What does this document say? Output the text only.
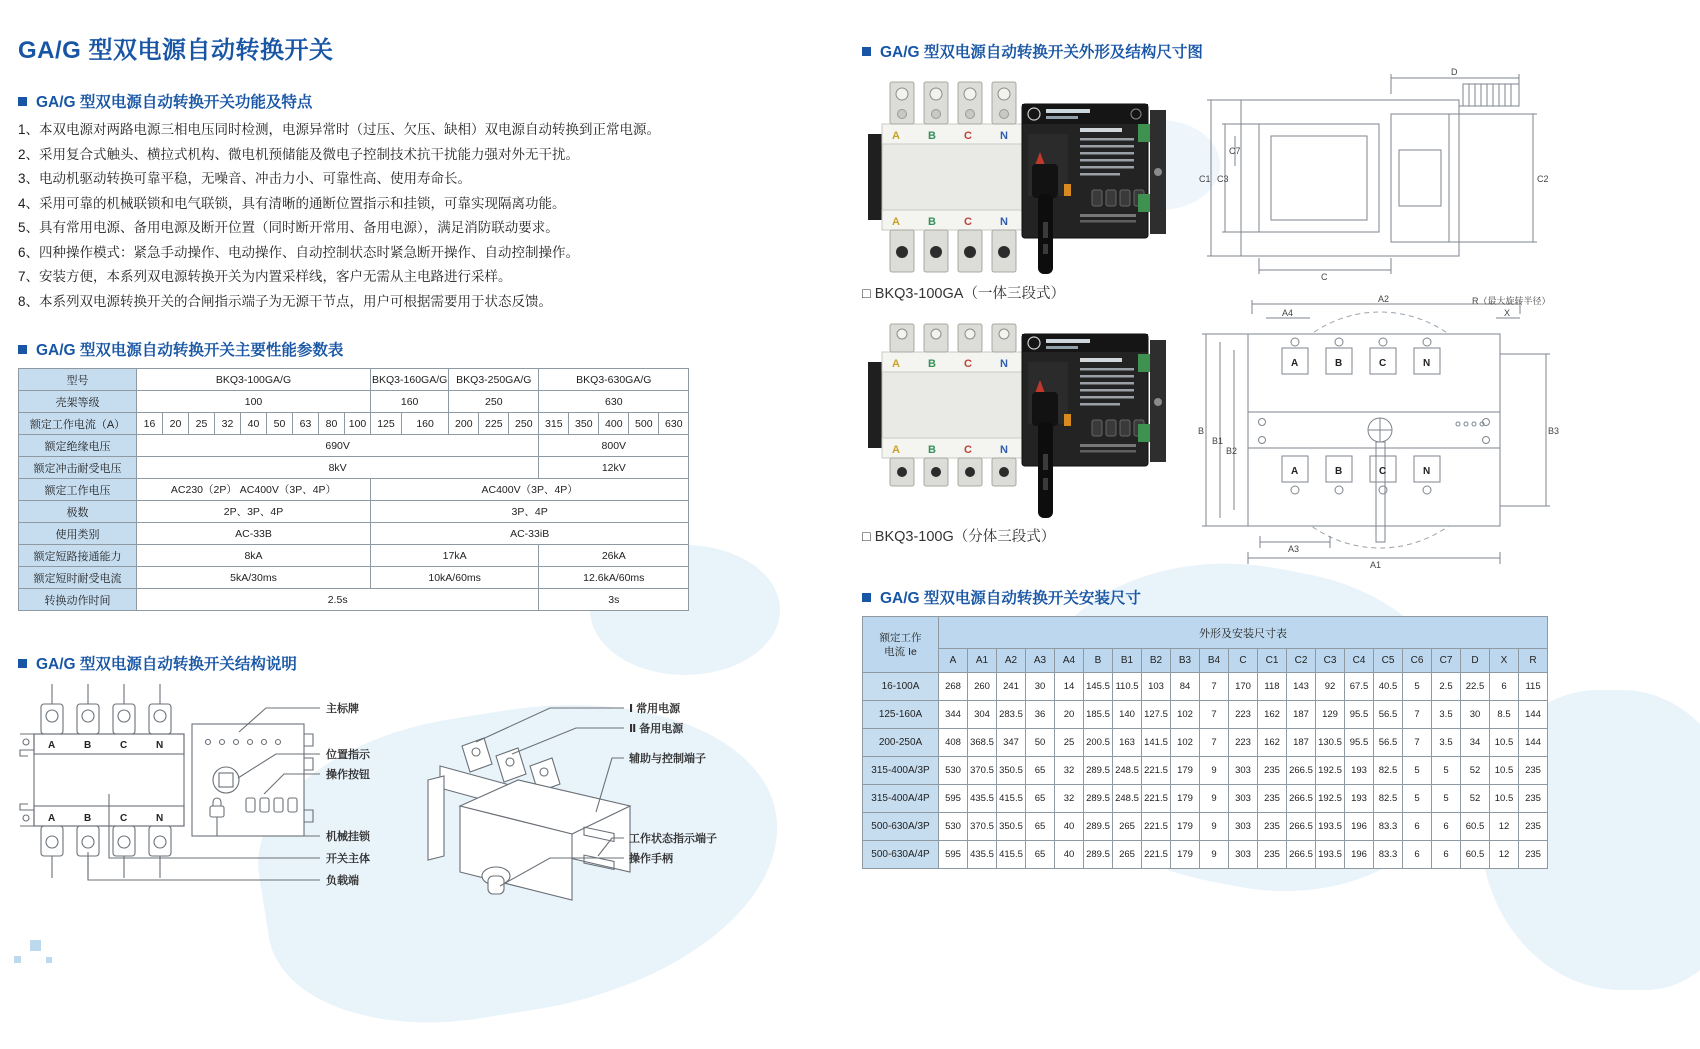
GA/G 型双电源自动转换开关
GA/G 型双电源自动转换开关功能及特点
1、本双电源对两路电源三相电压同时检测，电源异常时（过压、欠压、缺相）双电源自动转换到正常电源。
2、采用复合式触头、横拉式机构、微电机预储能及微电子控制技术抗干扰能力强对外无干扰。
3、电动机驱动转换可靠平稳，无噪音、冲击力小、可靠性高、使用寿命长。
4、采用可靠的机械联锁和电气联锁，具有清晰的通断位置指示和挂锁，可靠实现隔离功能。
5、具有常用电源、备用电源及断开位置（同时断开常用、备用电源），满足消防联动要求。
6、四种操作模式：紧急手动操作、电动操作、自动控制状态时紧急断开操作、自动控制操作。
7、安装方便，本系列双电源转换开关为内置采样线，客户无需从主电路进行采样。
8、本系列双电源转换开关的合闸指示端子为无源干节点，用户可根据需要用于状态反馈。
GA/G 型双电源自动转换开关主要性能参数表
型号	BKQ3-100GA/G									BKQ3-160GA/G		BKQ3-250GA/G			BKQ3-630GA/G				
壳架等级	100									160		250			630				
额定工作电流（A）	16	20	25	32	40	50	63	80	100	125	160	200	225	250	315	350	400	500	630
额定绝缘电压	690V														800V				
额定冲击耐受电压	8kV														12kV				
额定工作电压	AC230（2P） AC400V（3P、4P）									AC400V（3P、4P）									
极数	2P、3P、4P									3P、4P									
使用类别	AC-33B									AC-33iB									
额定短路接通能力	8kA									17kA					26kA				
额定短时耐受电流	5kA/30ms									10kA/60ms					12.6kA/60ms				
转换动作时间	2.5s														3s				
GA/G 型双电源自动转换开关结构说明
A	B	C	N
A	B	C	N
主标牌
位置指示
操作按钮
机械挂锁
开关主体
负载端
Ⅰ 常用电源
Ⅱ 备用电源
辅助与控制端子
工作状态指示端子
操作手柄
GA/G 型双电源自动转换开关外形及结构尺寸图
A	B	C	N
A	B	C	N
□ BKQ3-100GA（一体三段式）
A	B	C	N
A	B	C	N
□ BKQ3-100G（分体三段式）
D
C7
C3	C2
C1
C
A	B	C	N
A	B	C	N
A2
A4	X
R（最大旋转半径）
B
B1
B2
B3
A3
A1
GA/G 型双电源自动转换开关安装尺寸
额定工作
电流 Ie	外形及安装尺寸表																				
	A	A1	A2	A3	A4	B	B1	B2	B3	B4	C	C1	C2	C3	C4	C5	C6	C7	D	X	R
16-100A	268	260	241	30	14	145.5	110.5	103	84	7	170	118	143	92	67.5	40.5	5	2.5	22.5	6	115
125-160A	344	304	283.5	36	20	185.5	140	127.5	102	7	223	162	187	129	95.5	56.5	7	3.5	30	8.5	144
200-250A	408	368.5	347	50	25	200.5	163	141.5	102	7	223	162	187	130.5	95.5	56.5	7	3.5	34	10.5	144
315-400A/3P	530	370.5	350.5	65	32	289.5	248.5	221.5	179	9	303	235	266.5	192.5	193	82.5	5	5	52	10.5	235
315-400A/4P	595	435.5	415.5	65	32	289.5	248.5	221.5	179	9	303	235	266.5	192.5	193	82.5	5	5	52	10.5	235
500-630A/3P	530	370.5	350.5	65	40	289.5	265	221.5	179	9	303	235	266.5	193.5	196	83.3	6	6	60.5	12	235
500-630A/4P	595	435.5	415.5	65	40	289.5	265	221.5	179	9	303	235	266.5	193.5	196	83.3	6	6	60.5	12	235
